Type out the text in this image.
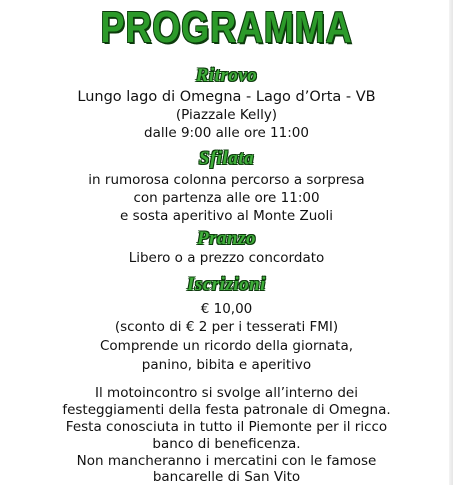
PROGRAMMA
Ritrovo
Lungo lago di Omegna - Lago d’Orta - VB
(Piazzale Kelly)
dalle 9:00 alle ore 11:00
Sfilata
in rumorosa colonna percorso a sorpresa
con partenza alle ore 11:00
e sosta aperitivo al Monte Zuoli
Pranzo
Libero o a prezzo concordato
Iscrizioni
€ 10,00
(sconto di € 2 per i tesserati FMI)
Comprende un ricordo della giornata,
panino, bibita e aperitivo
Il motoincontro si svolge all’interno dei
festeggiamenti della festa patronale di Omegna.
Festa conosciuta in tutto il Piemonte per il ricco
banco di beneficenza.
Non mancheranno i mercatini con le famose
bancarelle di San Vito
